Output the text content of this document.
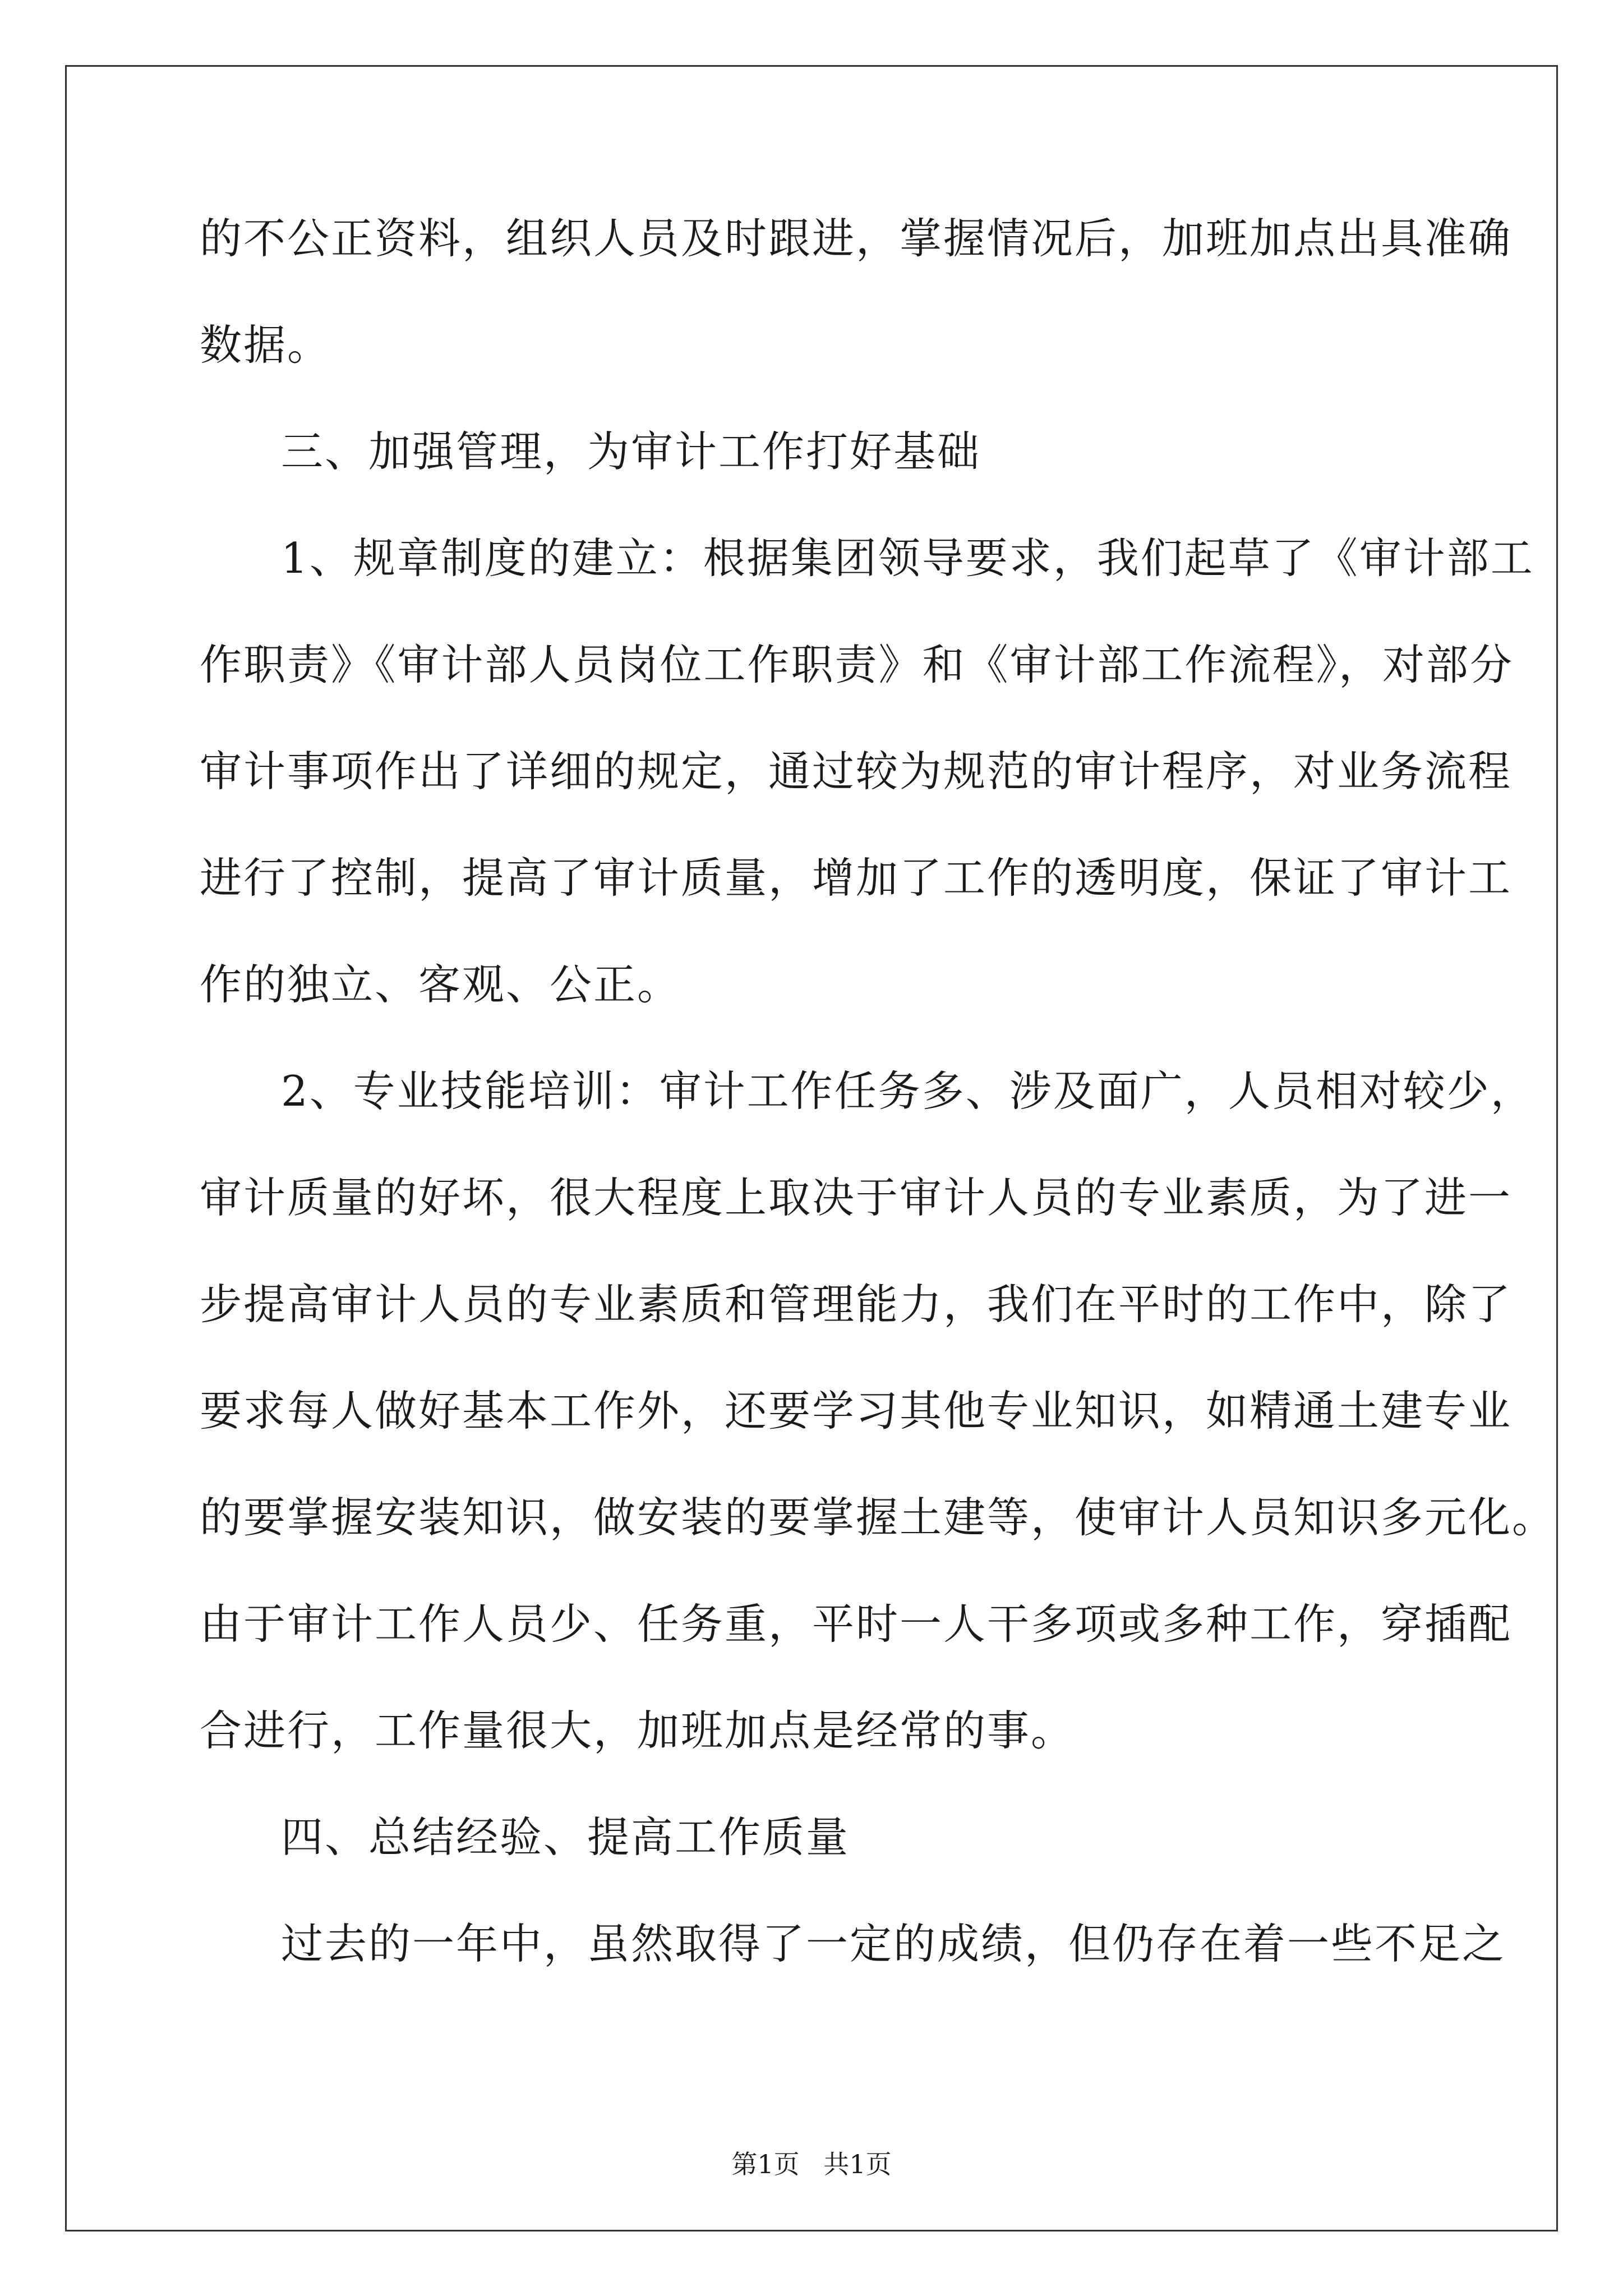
的不公正资料，组织人员及时跟进，掌握情况后，加班加点出具准确
数据。
三、加强管理，为审计工作打好基础
1、规章制度的建立：根据集团领导要求，我们起草了《审计部工
作职责》《审计部人员岗位工作职责》和《审计部工作流程》，对部分
审计事项作出了详细的规定，通过较为规范的审计程序，对业务流程
进行了控制，提高了审计质量，增加了工作的透明度，保证了审计工
作的独立、客观、公正。
2、专业技能培训：审计工作任务多、涉及面广，人员相对较少，
审计质量的好坏，很大程度上取决于审计人员的专业素质，为了进一
步提高审计人员的专业素质和管理能力，我们在平时的工作中，除了
要求每人做好基本工作外，还要学习其他专业知识，如精通土建专业
的要掌握安装知识，做安装的要掌握土建等，使审计人员知识多元化。
由于审计工作人员少、任务重，平时一人干多项或多种工作，穿插配
合进行，工作量很大，加班加点是经常的事。
四、总结经验、提高工作质量
过去的一年中，虽然取得了一定的成绩，但仍存在着一些不足之
第1页 共1页
